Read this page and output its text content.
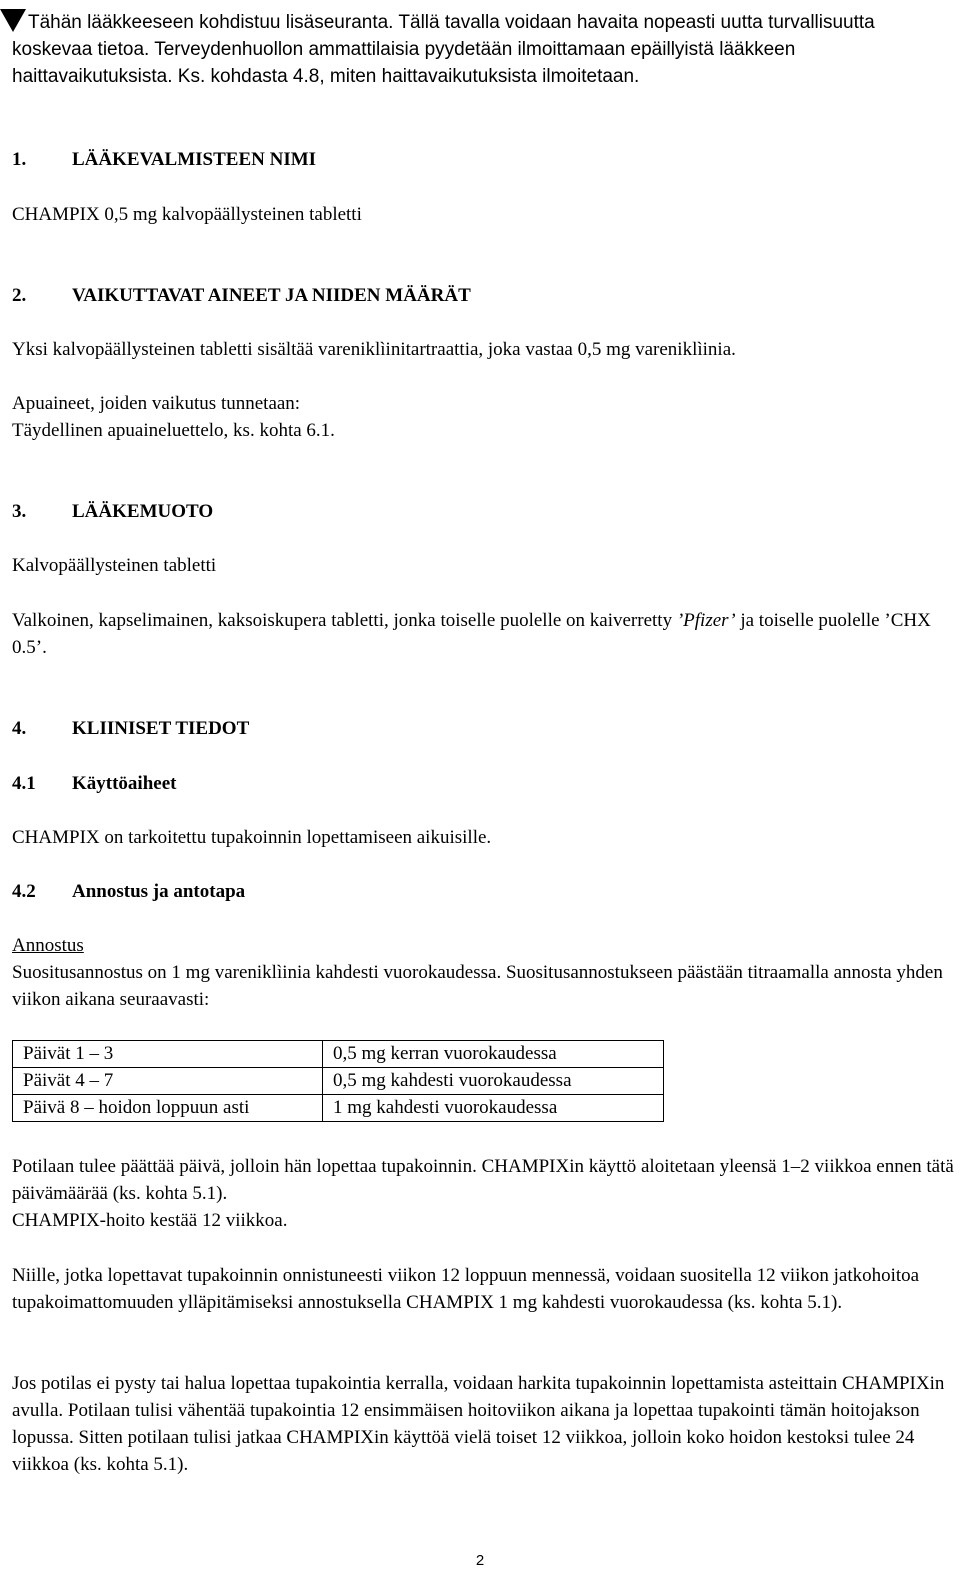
Tähän lääkkeeseen kohdistuu lisäseuranta. Tällä tavalla voidaan havaita nopeasti uutta turvallisuutta koskevaa tietoa. Terveydenhuollon ammattilaisia pyydetään ilmoittamaan epäillyistä lääkkeen haittavaikutuksista. Ks. kohdasta 4.8, miten haittavaikutuksista ilmoitetaan.
1. LÄÄKEVALMISTEEN NIMI
CHAMPIX 0,5 mg kalvopäällysteinen tabletti
2. VAIKUTTAVAT AINEET JA NIIDEN MÄÄRÄT
Yksi kalvopäällysteinen tabletti sisältää vareniklìinitartraattia, joka vastaa 0,5 mg vareniklìinia.
Apuaineet, joiden vaikutus tunnetaan:
Täydellinen apuaineluettelo, ks. kohta 6.1.
3. LÄÄKEMUOTO
Kalvopäällysteinen tabletti
Valkoinen, kapselimainen, kaksoiskupera tabletti, jonka toiselle puolelle on kaiverretty ’Pfizer’ ja toiselle puolelle ’CHX 0.5’.
4. KLIINISET TIEDOT
4.1 Käyttöaiheet
CHAMPIX on tarkoitettu tupakoinnin lopettamiseen aikuisille.
4.2 Annostus ja antotapa
Annostus
Suositusannostus on 1 mg vareniklìinia kahdesti vuorokaudessa. Suositusannostukseen päästään titraamalla annosta yhden viikon aikana seuraavasti:
Päivät 1 – 3	0,5 mg kerran vuorokaudessa
Päivät 4 – 7	0,5 mg kahdesti vuorokaudessa
Päivä 8 – hoidon loppuun asti	1 mg kahdesti vuorokaudessa
Potilaan tulee päättää päivä, jolloin hän lopettaa tupakoinnin. CHAMPIXin käyttö aloitetaan yleensä 1–2 viikkoa ennen tätä päivämäärää (ks. kohta 5.1).
CHAMPIX-hoito kestää 12 viikkoa.
Niille, jotka lopettavat tupakoinnin onnistuneesti viikon 12 loppuun mennessä, voidaan suositella 12 viikon jatkohoitoa tupakoimattomuuden ylläpitämiseksi annostuksella CHAMPIX 1 mg kahdesti vuorokaudessa (ks. kohta 5.1).
Jos potilas ei pysty tai halua lopettaa tupakointia kerralla, voidaan harkita tupakoinnin lopettamista asteittain CHAMPIXin avulla. Potilaan tulisi vähentää tupakointia 12 ensimmäisen hoitoviikon aikana ja lopettaa tupakointi tämän hoitojakson lopussa. Sitten potilaan tulisi jatkaa CHAMPIXin käyttöä vielä toiset 12 viikkoa, jolloin koko hoidon kestoksi tulee 24 viikkoa (ks. kohta 5.1).
2
